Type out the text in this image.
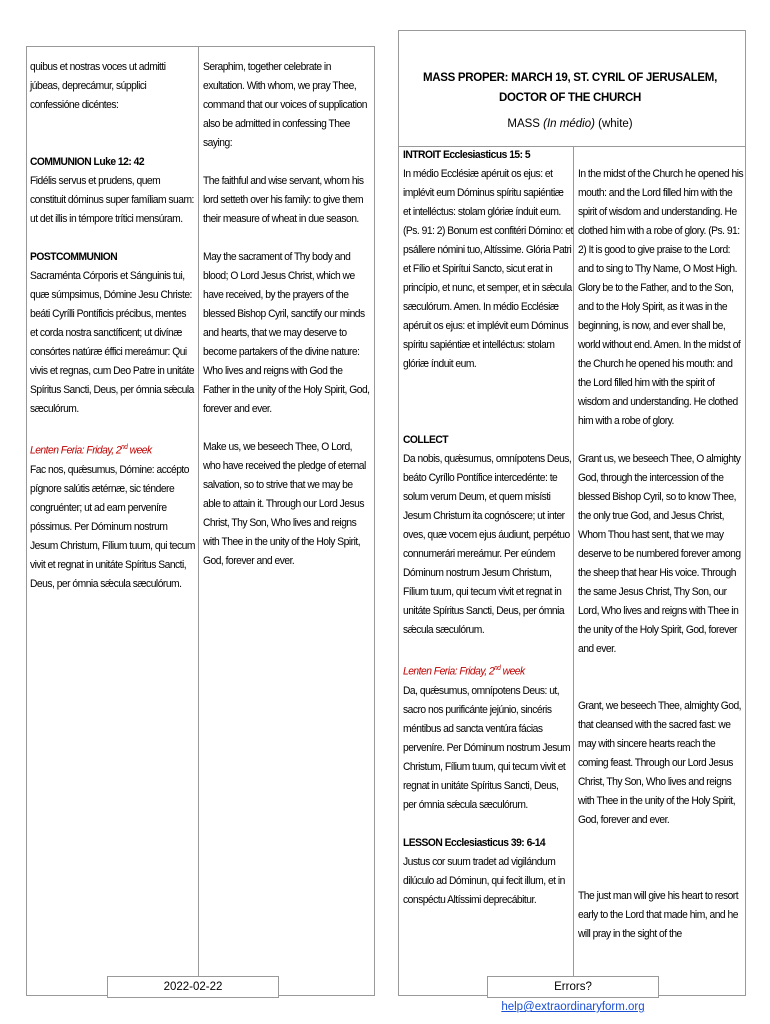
quibus et nostras voces ut admitti júbeas, deprecámur, súpplici confessióne dicéntes:
COMMUNION Luke 12: 42
Fidélis servus et prudens, quem constituit dóminus super famíliam suam: ut det illis in témpore trítici mensúram.
POSTCOMMUNION
Sacraménta Córporis et Sánguinis tui, quæ súmpsimus, Dómine Jesu Christe: beáti Cyrílli Pontíficis précibus, mentes et corda nostra sanctíficent; ut divínæ consórtes natúræ éffici mereámur: Qui vivis et regnas, cum Deo Patre in unitáte Spíritus Sancti, Deus, per ómnia sǽcula sæculórum.
Lenten Feria: Friday, 2nd week
Fac nos, quǽsumus, Dómine: accépto pígnore salútis ætérnæ, sic téndere congruénter; ut ad eam perveníre póssimus. Per Dóminum nostrum Jesum Christum, Fílium tuum, qui tecum vivit et regnat in unitáte Spíritus Sancti, Deus, per ómnia sǽcula sæculórum.
Seraphim, together celebrate in exultation. With whom, we pray Thee, command that our voices of supplication also be admitted in confessing Thee saying:
The faithful and wise servant, whom his lord setteth over his family: to give them their measure of wheat in due season.
May the sacrament of Thy body and blood; O Lord Jesus Christ, which we have received, by the prayers of the blessed Bishop Cyril, sanctify our minds and hearts, that we may deserve to become partakers of the divine nature: Who lives and reigns with God the Father in the unity of the Holy Spirit, God, forever and ever.
Make us, we beseech Thee, O Lord, who have received the pledge of eternal salvation, so to strive that we may be able to attain it. Through our Lord Jesus Christ, Thy Son, Who lives and reigns with Thee in the unity of the Holy Spirit, God, forever and ever.
2022-02-22
MASS PROPER: MARCH 19, ST. CYRIL OF JERUSALEM, DOCTOR OF THE CHURCH
MASS (In médio) (white)
INTROIT Ecclesiasticus 15: 5
In médio Ecclésiæ apéruit os ejus: et implévit eum Dóminus spíritu sapiéntiæ et intelléctus: stolam glóriæ índuit eum. (Ps. 91: 2) Bonum est confitéri Dómino: et psállere nómini tuo, Altíssime. Glória Patri et Fílio et Spirítui Sancto, sicut erat in princípio, et nunc, et semper, et in sǽcula sæculórum. Amen. In médio Ecclésiæ apéruit os ejus: et implévit eum Dóminus spíritu sapiéntiæ et intelléctus: stolam glóriæ índuit eum.
COLLECT
Da nobis, quǽsumus, omnípotens Deus, beáto Cyríllo Pontífice intercedénte: te solum verum Deum, et quem misísti Jesum Christum ita cognóscere; ut inter oves, quæ vocem ejus áudiunt, perpétuo connumerári mereámur. Per eúndem Dóminum nostrum Jesum Christum, Fílium tuum, qui tecum vivit et regnat in unitáte Spíritus Sancti, Deus, per ómnia sǽcula sæculórum.
Lenten Feria: Friday, 2nd week
Da, quǽsumus, omnípotens Deus: ut, sacro nos purificánte jejúnio, sincéris méntibus ad sancta ventúra fácias perveníre. Per Dóminum nostrum Jesum Christum, Fílium tuum, qui tecum vivit et regnat in unitáte Spíritus Sancti, Deus, per ómnia sǽcula sæculórum.
LESSON Ecclesiasticus 39: 6-14
Justus cor suum tradet ad vigilándum dilúculo ad Dóminun, qui fecit illum, et in conspéctu Altíssimi deprecábitur.
In the midst of the Church he opened his mouth: and the Lord filled him with the spirit of wisdom and understanding. He clothed him with a robe of glory. (Ps. 91: 2) It is good to give praise to the Lord: and to sing to Thy Name, O Most High. Glory be to the Father, and to the Son, and to the Holy Spirit, as it was in the beginning, is now, and ever shall be, world without end. Amen. In the midst of the Church he opened his mouth: and the Lord filled him with the spirit of wisdom and understanding. He clothed him with a robe of glory.
Grant us, we beseech Thee, O almighty God, through the intercession of the blessed Bishop Cyril, so to know Thee, the only true God, and Jesus Christ, Whom Thou hast sent, that we may deserve to be numbered forever among the sheep that hear His voice. Through the same Jesus Christ, Thy Son, our Lord, Who lives and reigns with Thee in the unity of the Holy Spirit, God, forever and ever.
Grant, we beseech Thee, almighty God, that cleansed with the sacred fast: we may with sincere hearts reach the coming feast. Through our Lord Jesus Christ, Thy Son, Who lives and reigns with Thee in the unity of the Holy Spirit, God, forever and ever.
The just man will give his heart to resort early to the Lord that made him, and he will pray in the sight of the
Errors? help@extraordinaryform.org
